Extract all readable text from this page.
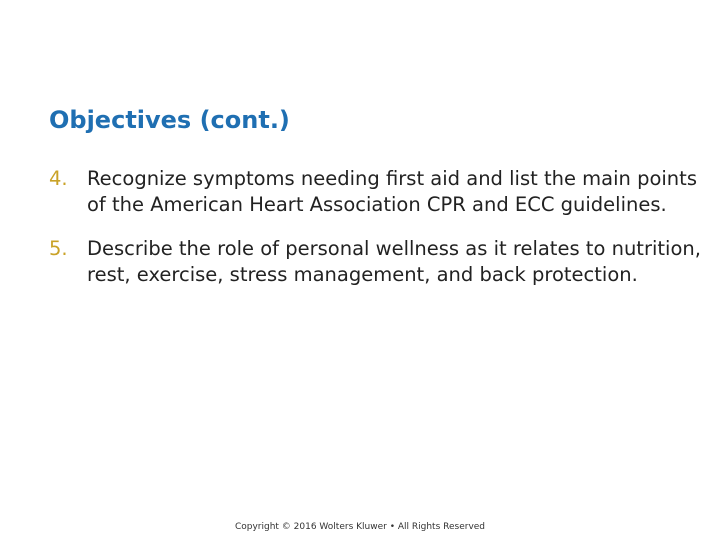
Objectives (cont.)
4. Recognize symptoms needing first aid and list the main points of the American Heart Association CPR and ECC guidelines.
5. Describe the role of personal wellness as it relates to nutrition, rest, exercise, stress management, and back protection.
Copyright © 2016 Wolters Kluwer • All Rights Reserved
